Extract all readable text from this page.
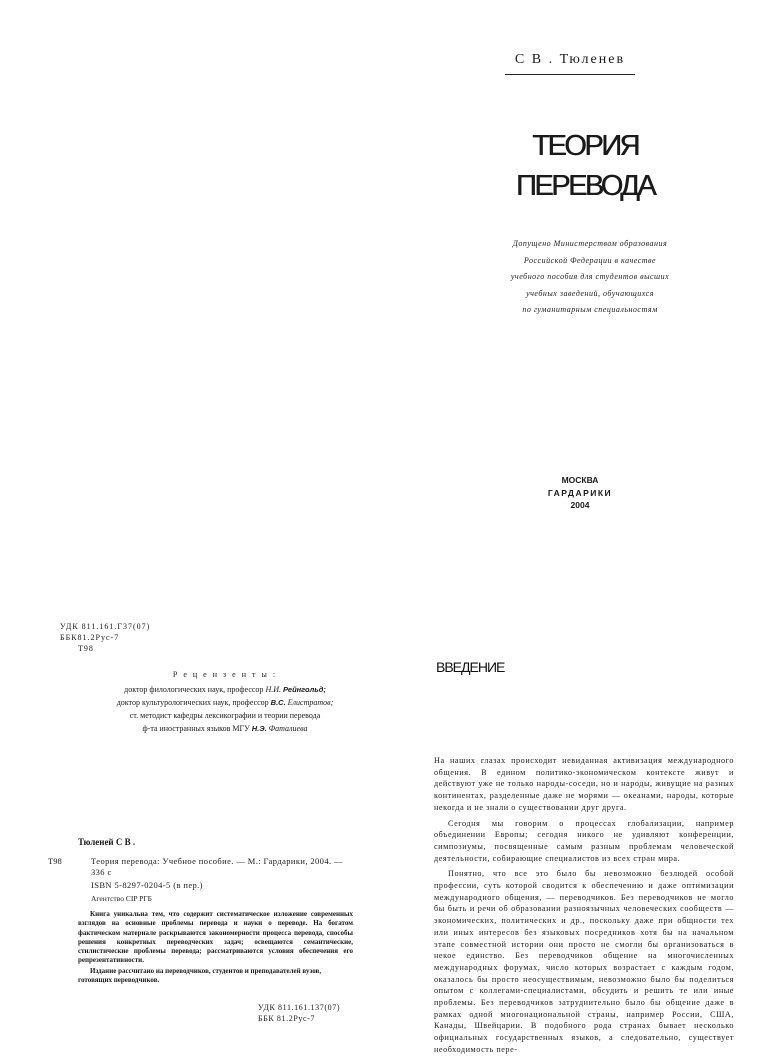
С В . Тюленев
ТЕОРИЯ
ПЕРЕВОДА
Допущено Министерством образования
Российской Федерации в качестве
учебного пособия для студентов высших
учебных заведений, обучающихся
по гуманитарным специальностям
МОСКВА
ГАРДАРИКИ
2004
УДК 811.161.Г37(07)
ББК81.2Рус-7
Т98
Р е ц е н з е н т ы :
доктор филологических наук, профессор Н.И. Рейнгольд;
доктор культурологических наук, профессор В.С. Елистратов;
ст. методист кафедры лексикографии и теории перевода
ф-та иностранных языков МГУ Н.Э. Фаталиева
Тюленей С В .
Т98	Теория перевода: Учебное пособие. — М.: Гардарики, 2004. — 336 с
ISBN 5-8297-0204-5 (в пер.)
Агентство CIP РГБ
Книга уникальна тем, что содержит систематическое изложение современных взглядов на основные проблемы перевода и науки о переводе. На богатом фактическом материале раскрываются закономерности процесса перевода, способы решения конкретных переводческих задач; освещаются семантические, стилистические проблемы перевода; рассматриваются условия обеспечения его репрезентативности.
Издание рассчитано на переводчиков, студентов и преподавателей вузов, готовящих переводчиков.
УДК 811.161.137(07)
ББК 81.2Рус-7
ВВЕДЕНИЕ

На наших глазах происходит невиданная активизация международного общения. В едином политико-экономическом контексте живут и действуют уже не только народы-соседи, но и народы, живущие на разных континентах, разделенные даже не морями — океанами, народы, которые некогда и не знали о существовании друг друга.

Сегодня мы говорим о процессах глобализации, например объединении Европы; сегодня никого не удивляют конференции, симпозиумы, посвященные самым разным проблемам человеческой деятельности, собирающие специалистов из всех стран мира.

Понятно, что все это было бы невозможно безлюдей особой профессии, суть которой сводится к обеспечению и даже оптимизации международного общения, — переводчиков. Без переводчиков не могло бы быть и речи об образовании разноязычных человеческих сообществ — экономических, политических и др., поскольку даже при общности тех или иных интересов без языковых посредников хотя бы на начальном этапе совместной истории они просто не смогли бы организоваться в некое единство. Без переводчиков общение на многочисленных международных форумах, число которых возрастает с каждым годом, оказалось бы просто неосуществимым, невозможно было бы поделиться опытом с коллегами-специалистами, обсудить и решить те или иные проблемы. Без переводчиков затруднительно было бы общение даже в рамках одной многонациональной страны, например России, США, Канады, Швейцарии. В подобного рода странах бывает несколько официальных государственных языков, а следовательно, существует необходимость пере-
